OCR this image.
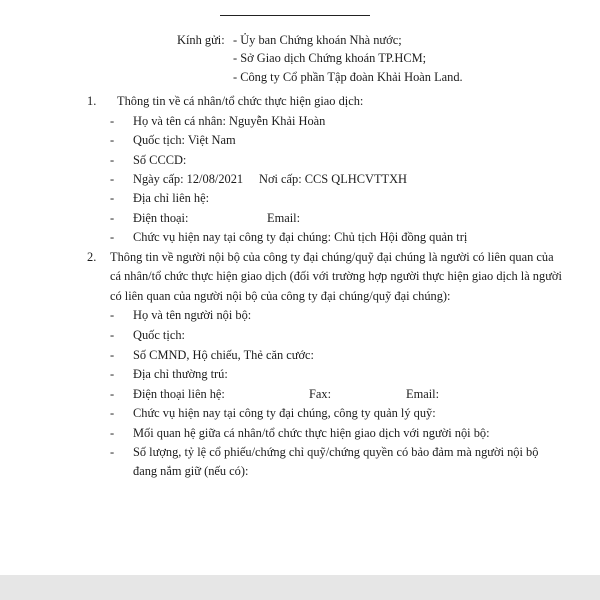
Kính gửi: - Ủy ban Chứng khoán Nhà nước;
- Sở Giao dịch Chứng khoán TP.HCM;
- Công ty Cổ phần Tập đoàn Khải Hoàn Land.
1. Thông tin về cá nhân/tổ chức thực hiện giao dịch:
- Họ và tên cá nhân: Nguyễn Khải Hoàn
- Quốc tịch: Việt Nam
- Số CCCD:
- Ngày cấp: 12/08/2021 Nơi cấp: CCS QLHCVTTXH
- Địa chỉ liên hệ:
- Điện thoại:	Email:
- Chức vụ hiện nay tại công ty đại chúng: Chủ tịch Hội đồng quản trị
2. Thông tin về người nội bộ của công ty đại chúng/quỹ đại chúng là người có liên quan của
cá nhân/tổ chức thực hiện giao dịch (đối với trường hợp người thực hiện giao dịch là người
có liên quan của người nội bộ của công ty đại chúng/quỹ đại chúng):
- Họ và tên người nội bộ:
- Quốc tịch:
- Số CMND, Hộ chiếu, Thẻ căn cước:
- Địa chỉ thường trú:
- Điện thoại liên hệ:	Fax:	Email:
- Chức vụ hiện nay tại công ty đại chúng, công ty quản lý quỹ:
- Mối quan hệ giữa cá nhân/tổ chức thực hiện giao dịch với người nội bộ:
- Số lượng, tỷ lệ cổ phiếu/chứng chỉ quỹ/chứng quyền có bảo đảm mà người nội bộ
đang nắm giữ (nếu có):
